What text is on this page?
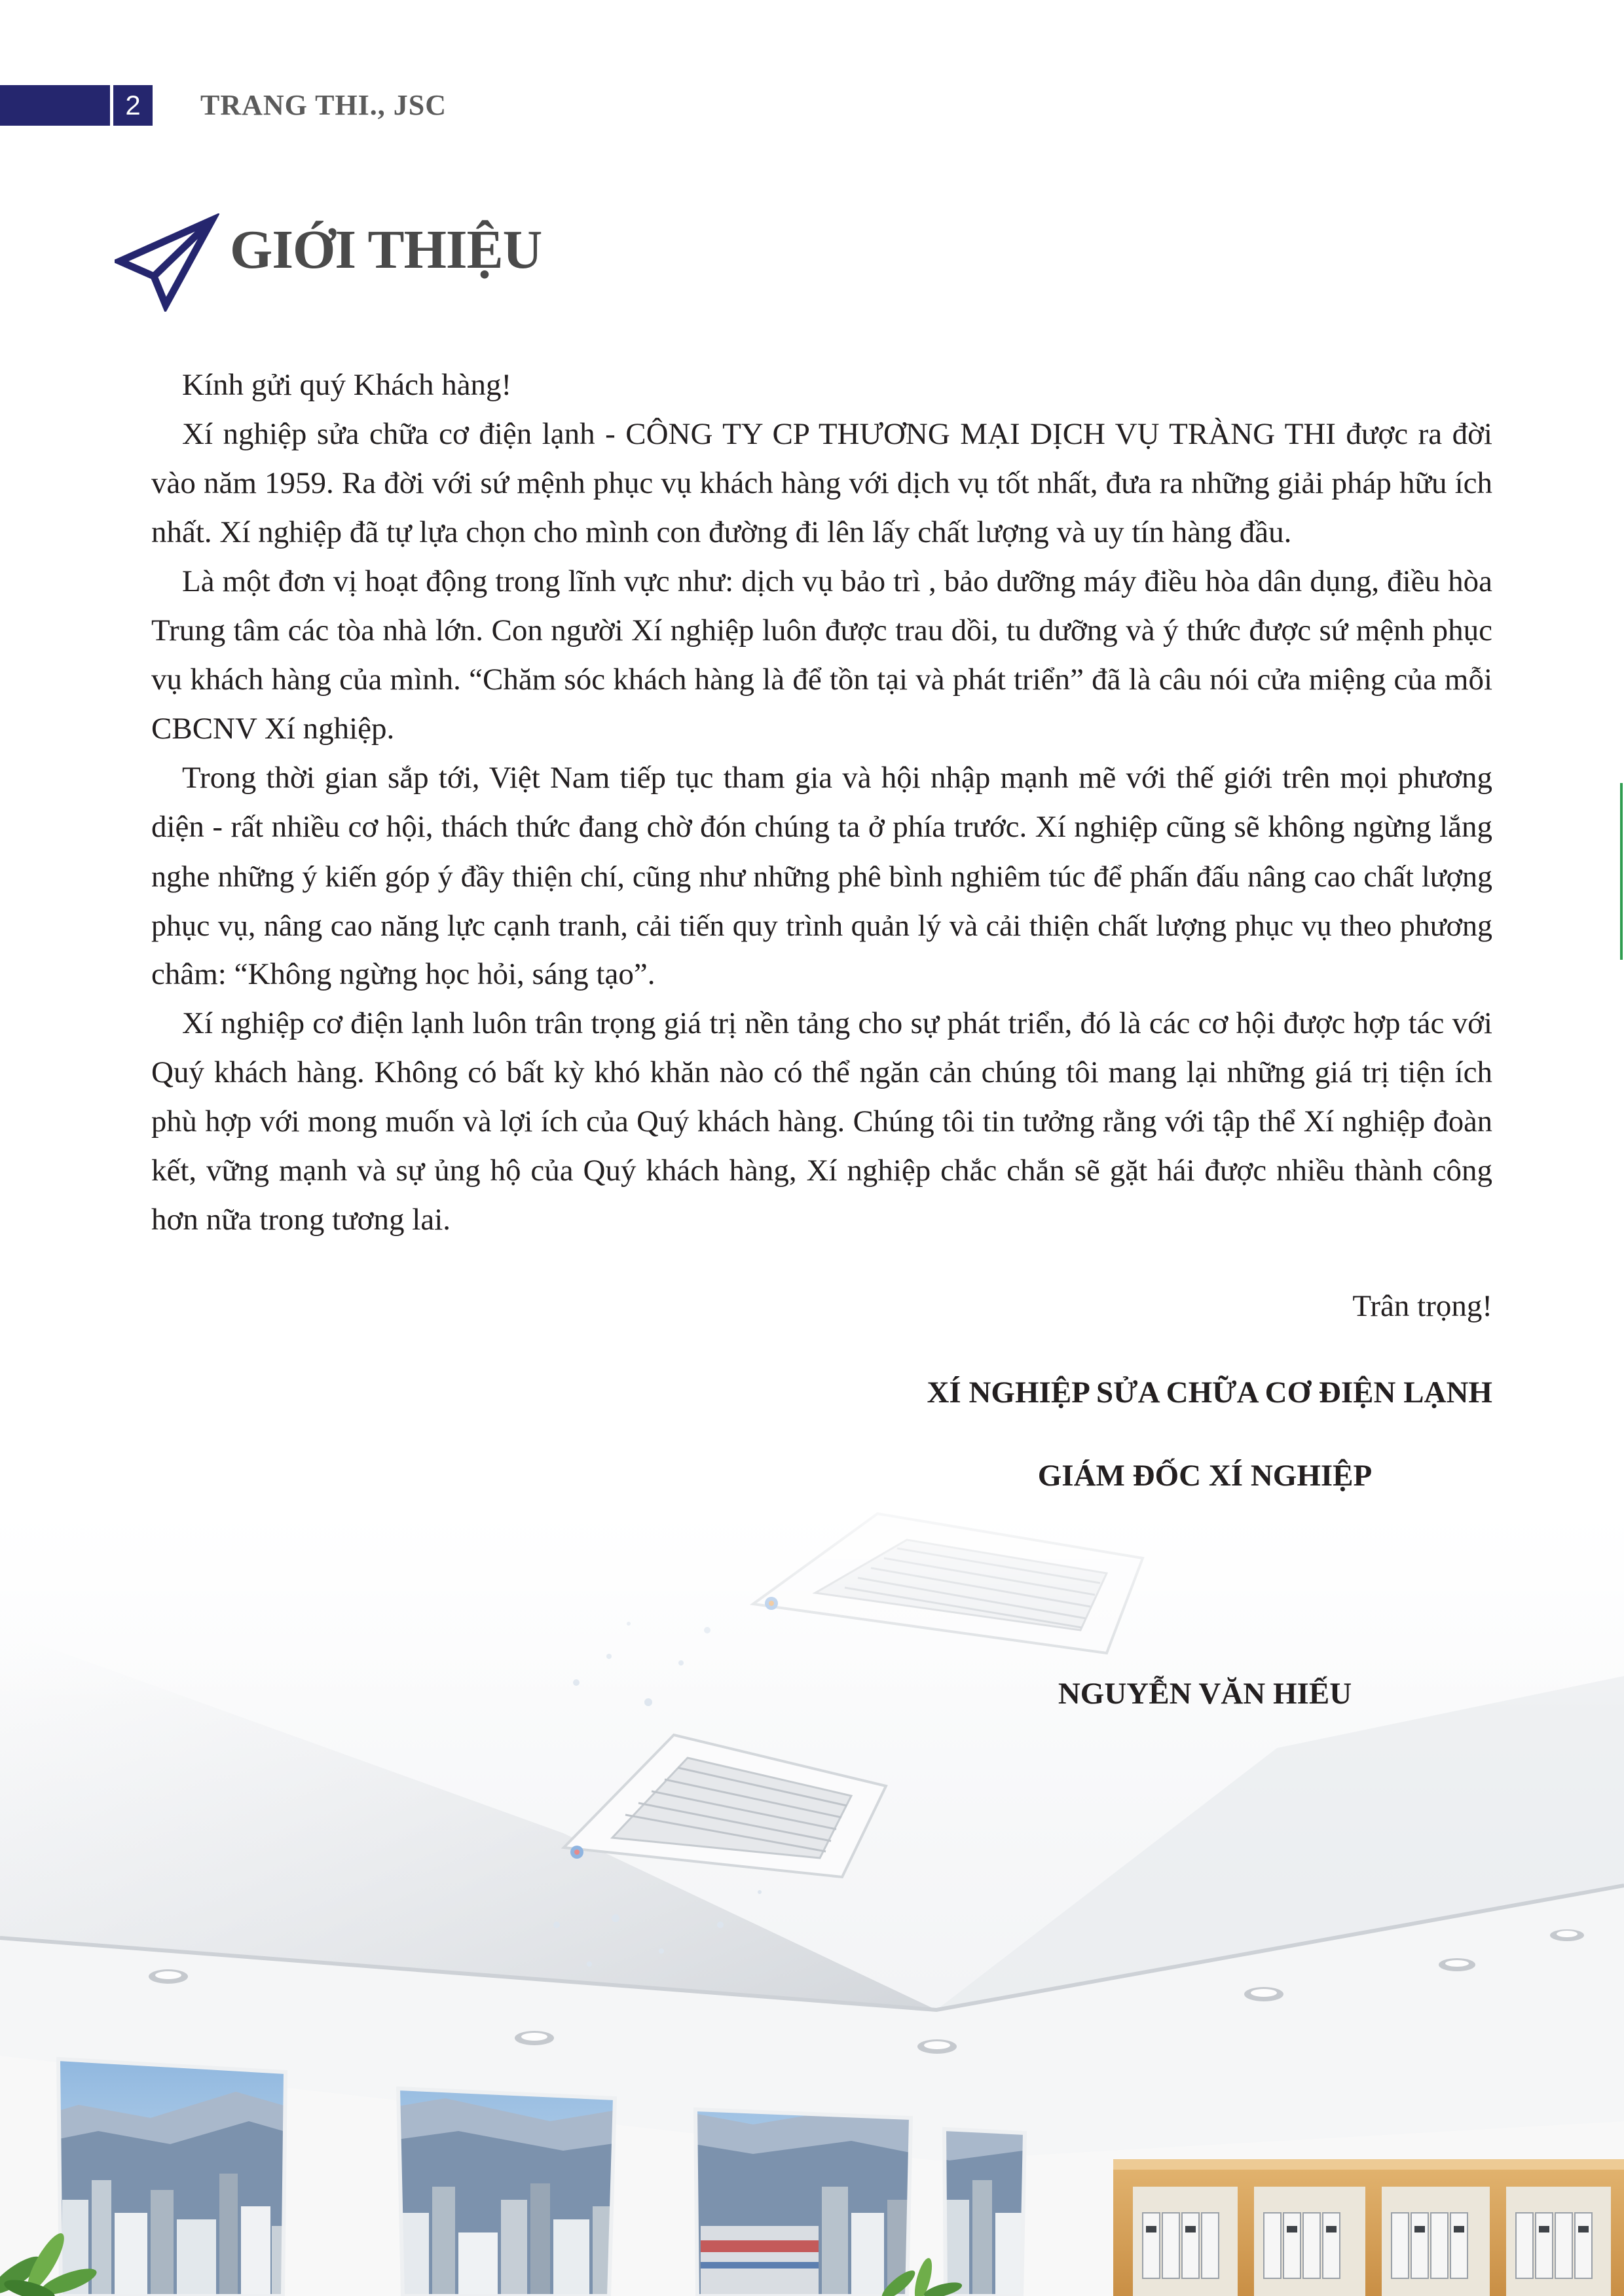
2	TRANG THI., JSC
GIỚI THIỆU
Kính gửi quý Khách hàng!
Xí nghiệp sửa chữa cơ điện lạnh - CÔNG TY CP THƯƠNG MẠI DỊCH VỤ TRÀNG THI được ra đời
vào năm 1959. Ra đời với sứ mệnh phục vụ khách hàng với dịch vụ tốt nhất, đưa ra những giải pháp hữu ích
nhất. Xí nghiệp đã tự lựa chọn cho mình con đường đi lên lấy chất lượng và uy tín hàng đầu.
Là một đơn vị hoạt động trong lĩnh vực như: dịch vụ bảo trì , bảo dưỡng máy điều hòa dân dụng, điều hòa
Trung tâm các tòa nhà lớn. Con người Xí nghiệp luôn được trau dồi, tu dưỡng và ý thức được sứ mệnh phục
vụ khách hàng của mình. “Chăm sóc khách hàng là để tồn tại và phát triển” đã là câu nói cửa miệng của mỗi
CBCNV Xí nghiệp.
Trong thời gian sắp tới, Việt Nam tiếp tục tham gia và hội nhập mạnh mẽ với thế giới trên mọi phương
diện - rất nhiều cơ hội, thách thức đang chờ đón chúng ta ở phía trước. Xí nghiệp cũng sẽ không ngừng lắng
nghe những ý kiến góp ý đầy thiện chí, cũng như những phê bình nghiêm túc để phấn đấu nâng cao chất lượng
phục vụ, nâng cao năng lực cạnh tranh, cải tiến quy trình quản lý và cải thiện chất lượng phục vụ theo phương
châm: “Không ngừng học hỏi, sáng tạo”.
Xí nghiệp cơ điện lạnh luôn trân trọng giá trị nền tảng cho sự phát triển, đó là các cơ hội được hợp tác với
Quý khách hàng. Không có bất kỳ khó khăn nào có thể ngăn cản chúng tôi mang lại những giá trị tiện ích
phù hợp với mong muốn và lợi ích của Quý khách hàng. Chúng tôi tin tưởng rằng với tập thể Xí nghiệp đoàn
kết, vững mạnh và sự ủng hộ của Quý khách hàng, Xí nghiệp chắc chắn sẽ gặt hái được nhiều thành công
hơn nữa trong tương lai.
Trân trọng!
XÍ NGHIỆP SỬA CHỮA CƠ ĐIỆN LẠNH
GIÁM ĐỐC XÍ NGHIỆP
NGUYỄN VĂN HIẾU
